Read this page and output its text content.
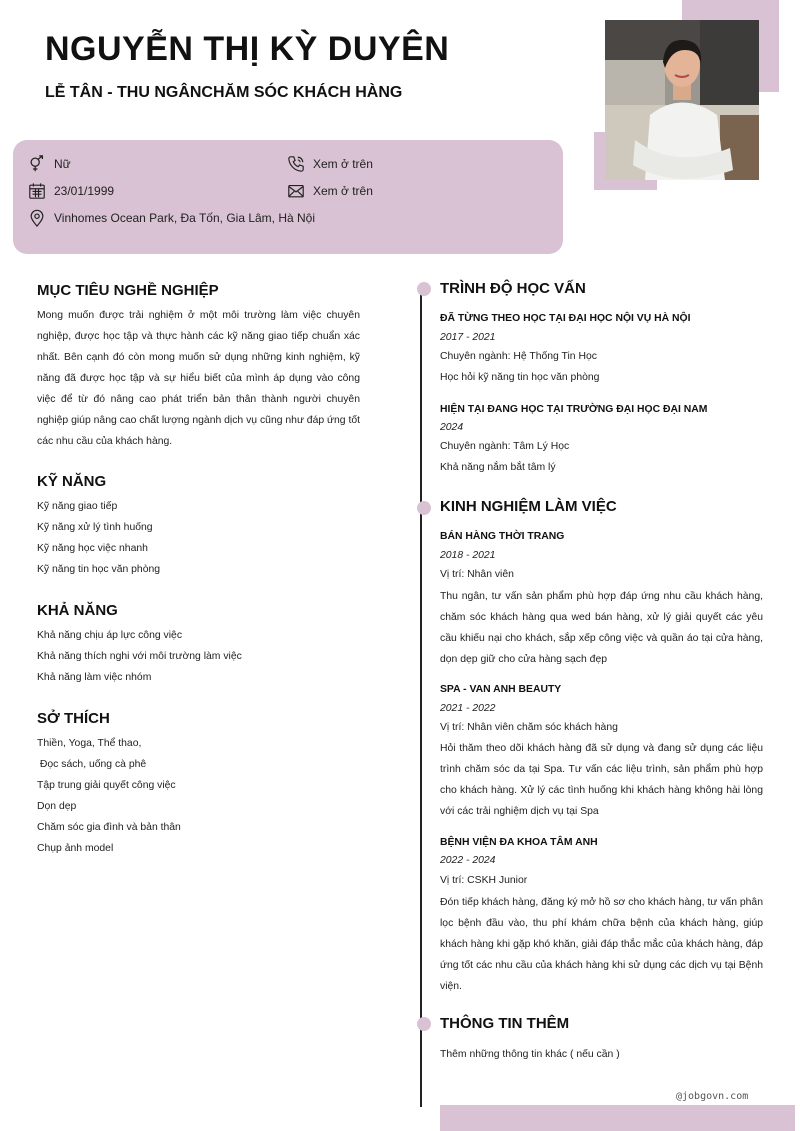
NGUYỄN THỊ KỲ DUYÊN

LỄ TÂN - THU NGÂNCHĂM SÓC KHÁCH HÀNG

Nữ
23/01/1999
Vinhomes Ocean Park, Đa Tốn, Gia Lâm, Hà Nội
Xem ở trên
Xem ở trên
MỤC TIÊU NGHỀ NGHIỆP

Mong muốn được trải nghiệm ở một môi trường làm việc chuyên nghiệp, được học tập và thực hành các kỹ năng giao tiếp chuẩn xác nhất. Bên cạnh đó còn mong muốn sử dụng những kinh nghiệm, kỹ năng đã được học tập và sự hiểu biết của mình áp dụng vào công việc để từ đó nâng cao phát triển bản thân thành người chuyên nghiệp giúp nâng cao chất lượng ngành dịch vụ cũng như đáp ứng tốt các nhu cầu của khách hàng.

KỸ NĂNG
Kỹ năng giao tiếp
Kỹ năng xử lý tình huống
Kỹ năng học việc nhanh
Kỹ năng tin học văn phòng
KHẢ NĂNG
Khả năng chịu áp lực công việc
Khả năng thích nghi với môi trường làm việc
Khả năng làm việc nhóm
SỞ THÍCH
Thiền, Yoga, Thể thao,
Đọc sách, uống cà phê
Tập trung giải quyết công việc
Dọn dẹp
Chăm sóc gia đình và bản thân
Chụp ảnh model
TRÌNH ĐỘ HỌC VẤN

ĐÃ TỪNG THEO HỌC TẠI ĐẠI HỌC NỘI VỤ HÀ NỘI

2017 - 2021

Chuyên ngành: Hệ Thống Tin Học

Học hỏi kỹ năng tin học văn phòng

HIỆN TẠI ĐANG HỌC TẠI TRƯỜNG ĐẠI HỌC ĐẠI NAM

2024

Chuyên ngành: Tâm Lý Học

Khả năng nắm bắt tâm lý

KINH NGHIỆM LÀM VIỆC

BÁN HÀNG THỜI TRANG

2018 - 2021

Vị trí: Nhân viên

Thu ngân, tư vấn sản phẩm phù hợp đáp ứng nhu cầu khách hàng, chăm sóc khách hàng qua wed bán hàng, xử lý giải quyết các yêu cầu khiếu nại cho khách, sắp xếp công việc và quần áo tại cửa hàng, dọn dẹp giữ cho cửa hàng sạch đẹp

SPA - VAN ANH BEAUTY

2021 - 2022

Vị trí: Nhân viên chăm sóc khách hàng

Hỏi thăm theo dõi khách hàng đã sử dụng và đang sử dụng các liệu trình chăm sóc da tại Spa. Tư vấn các liệu trình, sản phẩm phù hợp cho khách hàng. Xử lý các tình huống khi khách hàng không hài lòng với các trải nghiệm dịch vụ tại Spa

BỆNH VIỆN ĐA KHOA TÂM ANH

2022 - 2024

Vị trí: CSKH Junior

Đón tiếp khách hàng, đăng ký mở hồ sơ cho khách hàng, tư vấn phân lọc bệnh đầu vào, thu phí khám chữa bệnh của khách hàng, giúp khách hàng khi gặp khó khăn, giải đáp thắc mắc của khách hàng, đáp ứng tốt các nhu cầu của khách hàng khi sử dụng các dịch vụ tại Bệnh viện.

THÔNG TIN THÊM

Thêm những thông tin khác ( nếu cần )

@jobgovn.com
